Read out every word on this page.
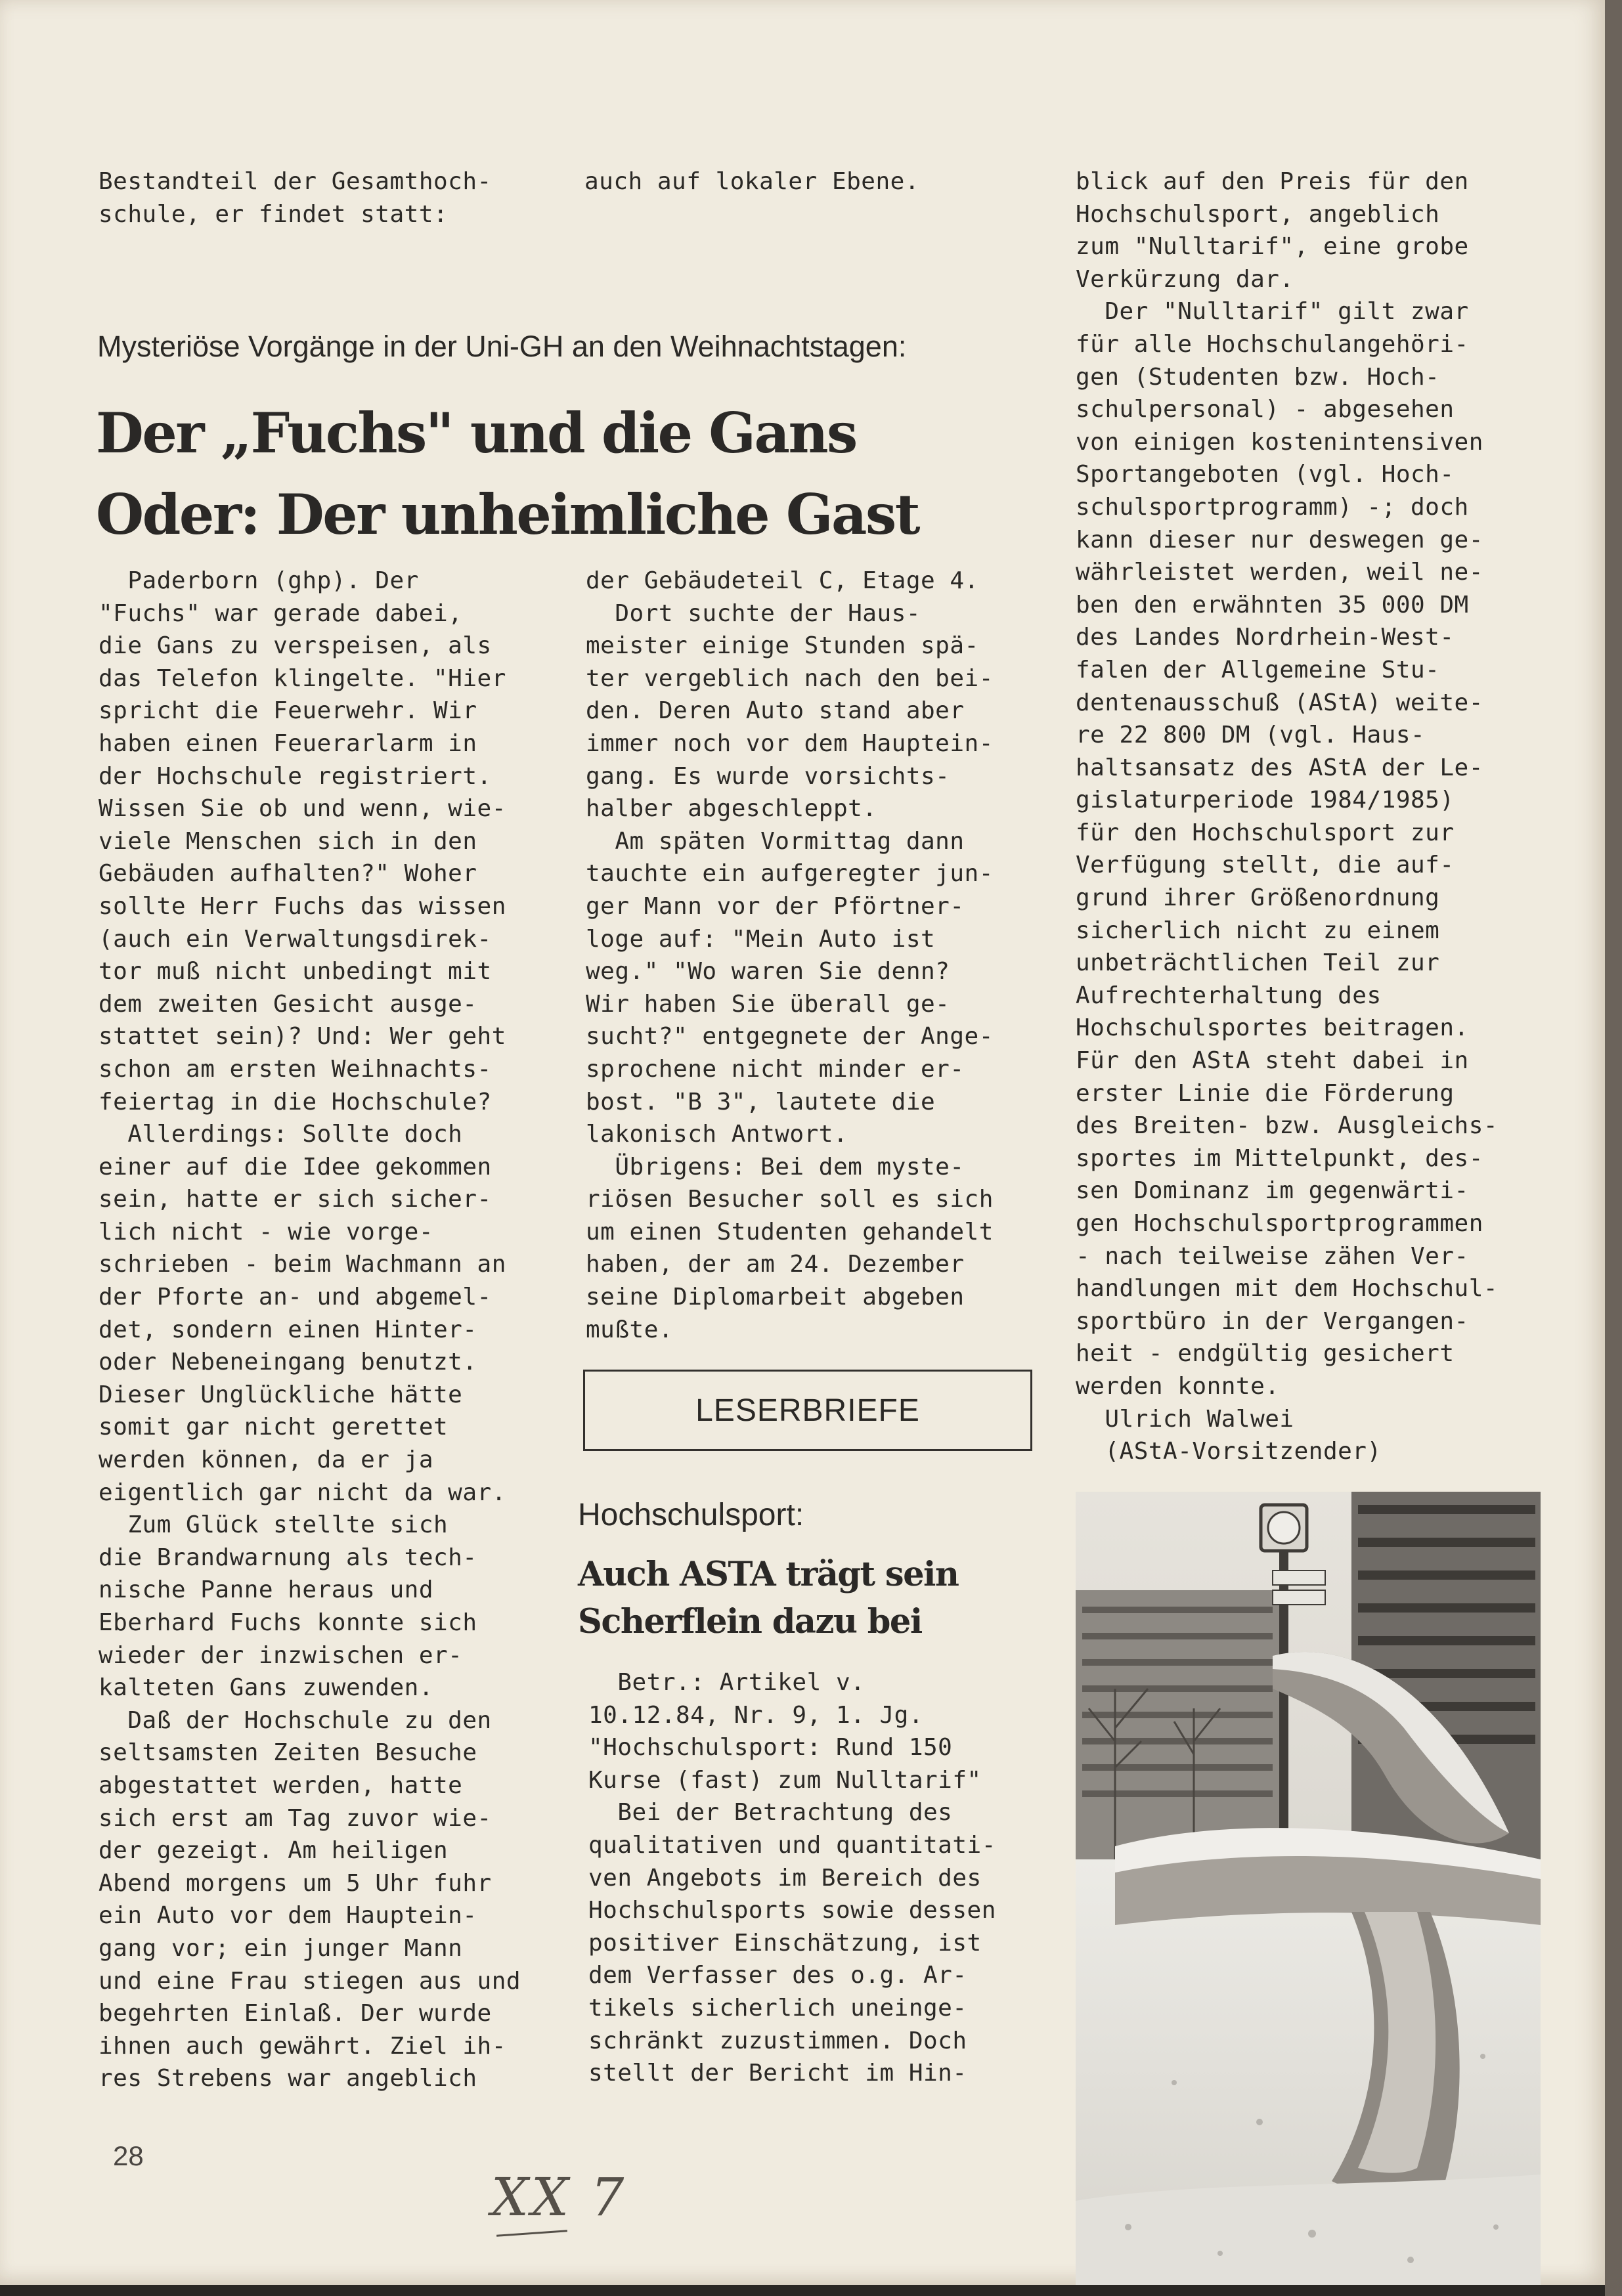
Bestandteil der Gesamthoch-

schule, er findet statt:

auch auf lokaler Ebene.

Mysteriöse Vorgänge in der Uni-GH an den Weihnachtstagen:
Der „Fuchs" und die Gans
Oder: Der unheimliche Gast

Paderborn (ghp). Der

"Fuchs" war gerade dabei,

die Gans zu verspeisen, als

das Telefon klingelte. "Hier

spricht die Feuerwehr. Wir

haben einen Feuerarlarm in

der Hochschule registriert.

Wissen Sie ob und wenn, wie-

viele Menschen sich in den

Gebäuden aufhalten?" Woher

sollte Herr Fuchs das wissen

(auch ein Verwaltungsdirek-

tor muß nicht unbedingt mit

dem zweiten Gesicht ausge-

stattet sein)? Und: Wer geht

schon am ersten Weihnachts-

feiertag in die Hochschule?

Allerdings: Sollte doch

einer auf die Idee gekommen

sein, hatte er sich sicher-

lich nicht - wie vorge-

schrieben - beim Wachmann an

der Pforte an- und abgemel-

det, sondern einen Hinter-

oder Nebeneingang benutzt.

Dieser Unglückliche hätte

somit gar nicht gerettet

werden können, da er ja

eigentlich gar nicht da war.

Zum Glück stellte sich

die Brandwarnung als tech-

nische Panne heraus und

Eberhard Fuchs konnte sich

wieder der inzwischen er-

kalteten Gans zuwenden.

Daß der Hochschule zu den

seltsamsten Zeiten Besuche

abgestattet werden, hatte

sich erst am Tag zuvor wie-

der gezeigt. Am heiligen

Abend morgens um 5 Uhr fuhr

ein Auto vor dem Hauptein-

gang vor; ein junger Mann

und eine Frau stiegen aus und

begehrten Einlaß. Der wurde

ihnen auch gewährt. Ziel ih-

res Strebens war angeblich

der Gebäudeteil C, Etage 4.

Dort suchte der Haus-

meister einige Stunden spä-

ter vergeblich nach den bei-

den. Deren Auto stand aber

immer noch vor dem Hauptein-

gang. Es wurde vorsichts-

halber abgeschleppt.

Am späten Vormittag dann

tauchte ein aufgeregter jun-

ger Mann vor der Pförtner-

loge auf: "Mein Auto ist

weg." "Wo waren Sie denn?

Wir haben Sie überall ge-

sucht?" entgegnete der Ange-

sprochene nicht minder er-

bost. "B 3", lautete die

lakonisch Antwort.

Übrigens: Bei dem myste-

riösen Besucher soll es sich

um einen Studenten gehandelt

haben, der am 24. Dezember

seine Diplomarbeit abgeben

mußte.

blick auf den Preis für den

Hochschulsport, angeblich

zum "Nulltarif", eine grobe

Verkürzung dar.

Der "Nulltarif" gilt zwar

für alle Hochschulangehöri-

gen (Studenten bzw. Hoch-

schulpersonal) - abgesehen

von einigen kostenintensiven

Sportangeboten (vgl. Hoch-

schulsportprogramm) -; doch

kann dieser nur deswegen ge-

währleistet werden, weil ne-

ben den erwähnten 35 000 DM

des Landes Nordrhein-West-

falen der Allgemeine Stu-

dentenausschuß (AStA) weite-

re 22 800 DM (vgl. Haus-

haltsansatz des AStA der Le-

gislaturperiode 1984/1985)

für den Hochschulsport zur

Verfügung stellt, die auf-

grund ihrer Größenordnung

sicherlich nicht zu einem

unbeträchtlichen Teil zur

Aufrechterhaltung des

Hochschulsportes beitragen.

Für den AStA steht dabei in

erster Linie die Förderung

des Breiten- bzw. Ausgleichs-

sportes im Mittelpunkt, des-

sen Dominanz im gegenwärti-

gen Hochschulsportprogrammen

- nach teilweise zähen Ver-

handlungen mit dem Hochschul-

sportbüro in der Vergangen-

heit - endgültig gesichert

werden konnte.

Ulrich Walwei

(AStA-Vorsitzender)

LESERBRIEFE
Hochschulsport:
Auch ASTA trägt sein
Scherflein dazu bei

Betr.: Artikel v.

10.12.84, Nr. 9, 1. Jg.

"Hochschulsport: Rund 150

Kurse (fast) zum Nulltarif"

Bei der Betrachtung des

qualitativen und quantitati-

ven Angebots im Bereich des

Hochschulsports sowie dessen

positiver Einschätzung, ist

dem Verfasser des o.g. Ar-

tikels sicherlich uneinge-

schränkt zuzustimmen. Doch

stellt der Bericht im Hin-

28
XX 7
